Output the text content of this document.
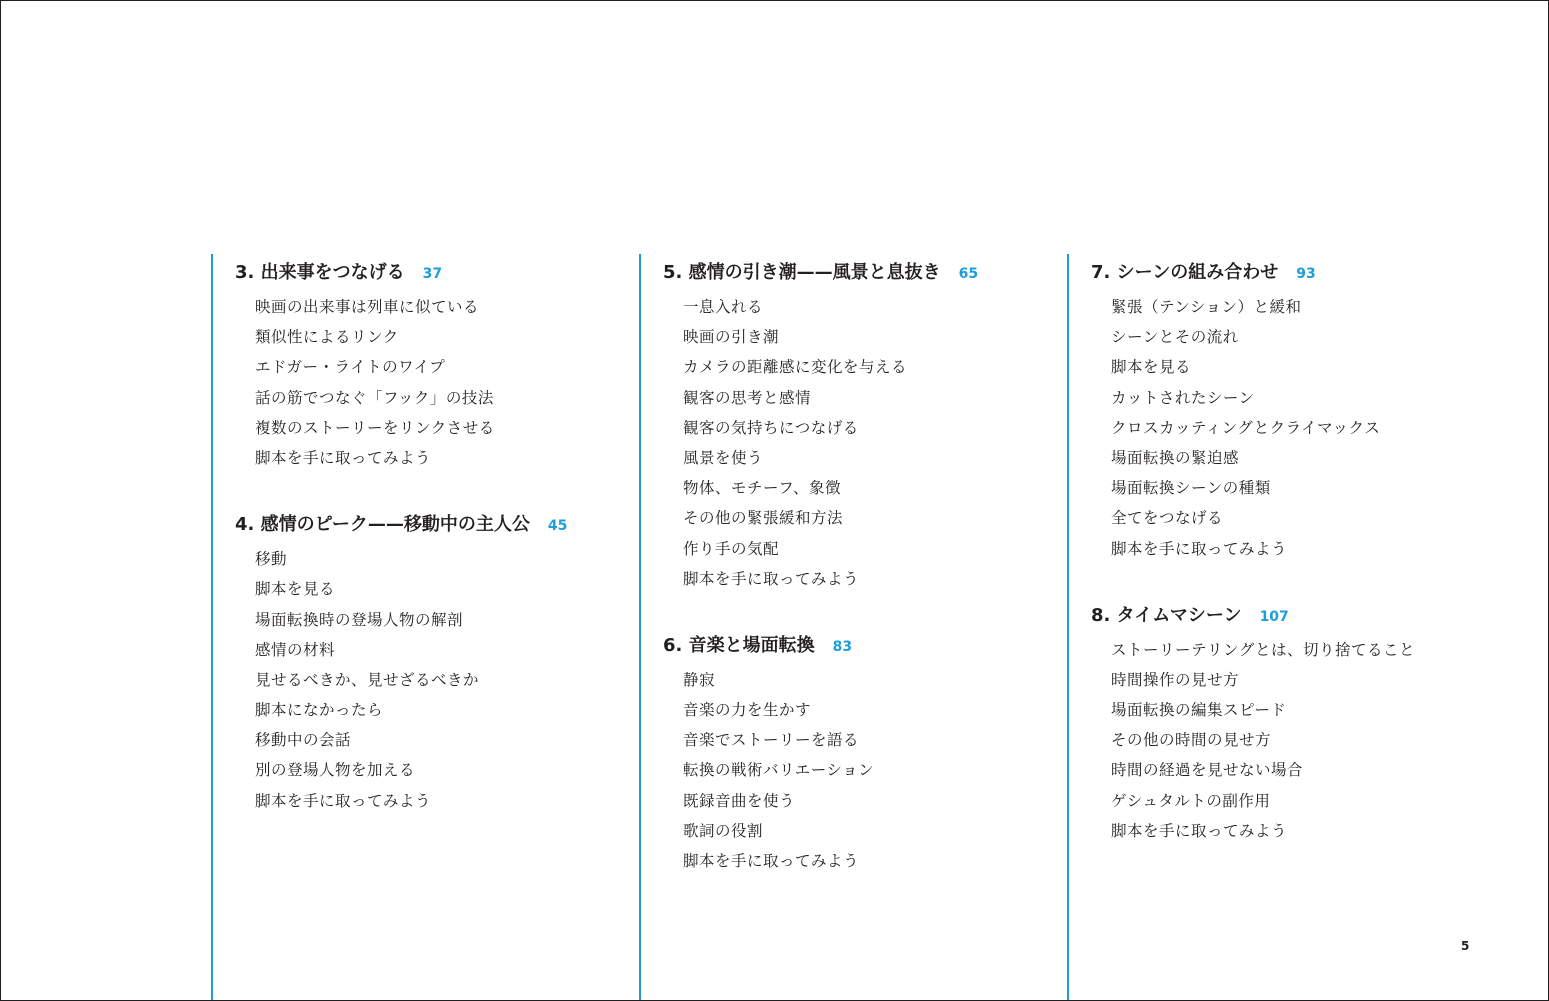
3. 出来事をつなげる 37
映画の出来事は列車に似ている
類似性によるリンク
エドガー・ライトのワイプ
話の筋でつなぐ「フック」の技法
複数のストーリーをリンクさせる
脚本を手に取ってみよう
4. 感情のピーク——移動中の主人公 45
移動
脚本を見る
場面転換時の登場人物の解剖
感情の材料
見せるべきか、見せざるべきか
脚本になかったら
移動中の会話
別の登場人物を加える
脚本を手に取ってみよう
5. 感情の引き潮——風景と息抜き 65
一息入れる
映画の引き潮
カメラの距離感に変化を与える
観客の思考と感情
観客の気持ちにつなげる
風景を使う
物体、モチーフ、象徴
その他の緊張緩和方法
作り手の気配
脚本を手に取ってみよう
6. 音楽と場面転換 83
静寂
音楽の力を生かす
音楽でストーリーを語る
転換の戦術バリエーション
既録音曲を使う
歌詞の役割
脚本を手に取ってみよう
7. シーンの組み合わせ 93
緊張（テンション）と緩和
シーンとその流れ
脚本を見る
カットされたシーン
クロスカッティングとクライマックス
場面転換の緊迫感
場面転換シーンの種類
全てをつなげる
脚本を手に取ってみよう
8. タイムマシーン 107
ストーリーテリングとは、切り捨てること
時間操作の見せ方
場面転換の編集スピード
その他の時間の見せ方
時間の経過を見せない場合
ゲシュタルトの副作用
脚本を手に取ってみよう
5
